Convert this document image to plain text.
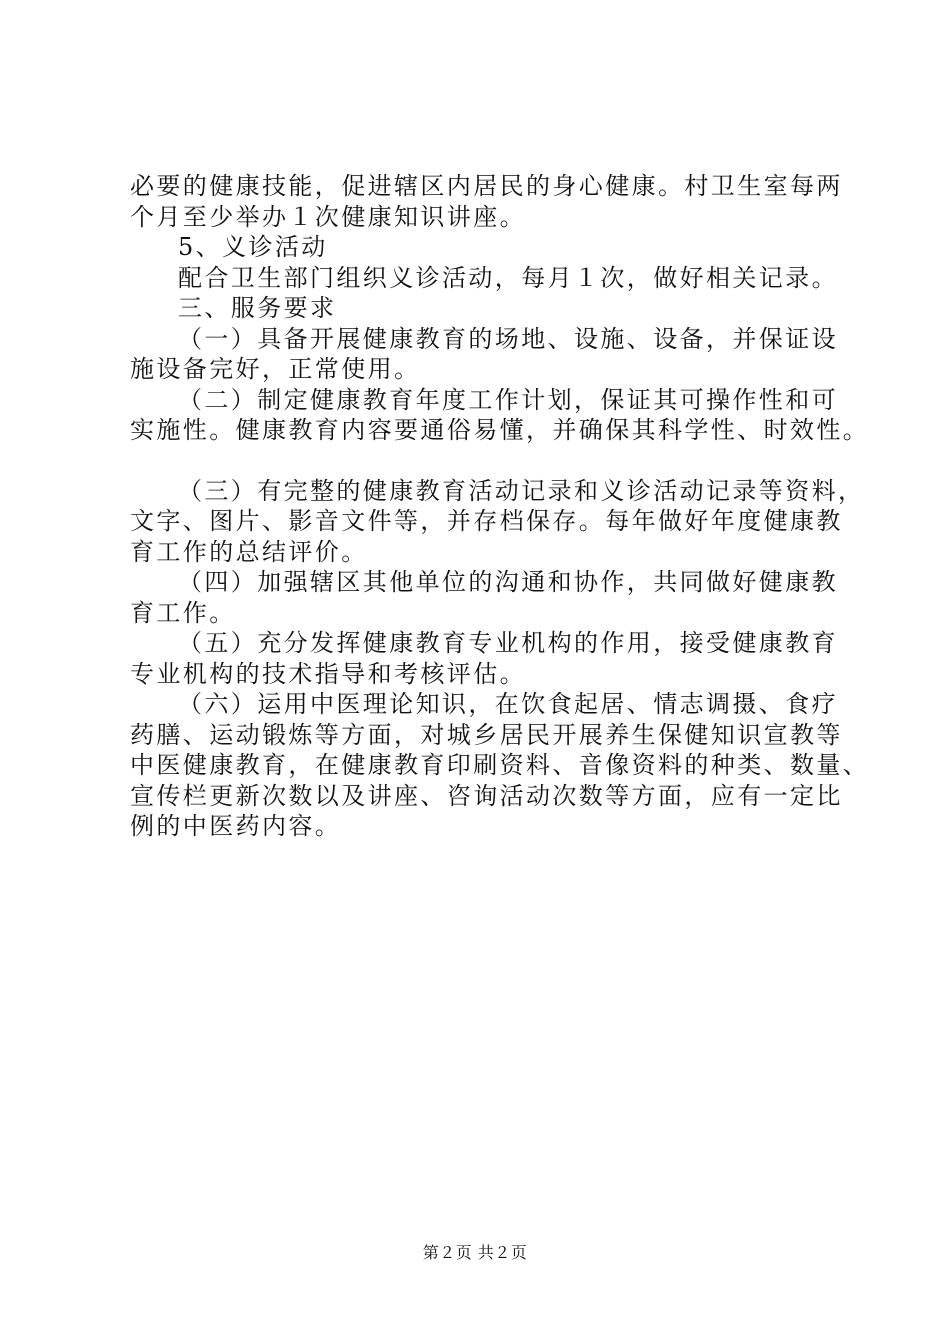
必要的健康技能，促进辖区内居民的身心健康。村卫生室每两
个月至少举办１次健康知识讲座。
5、义诊活动
配合卫生部门组织义诊活动，每月１次，做好相关记录。
三、服务要求
（一）具备开展健康教育的场地、设施、设备，并保证设
施设备完好，正常使用。
（二）制定健康教育年度工作计划，保证其可操作性和可
实施性。健康教育内容要通俗易懂，并确保其科学性、时效性。
（三）有完整的健康教育活动记录和义诊活动记录等资料，
文字、图片、影音文件等，并存档保存。每年做好年度健康教
育工作的总结评价。
（四）加强辖区其他单位的沟通和协作，共同做好健康教
育工作。
（五）充分发挥健康教育专业机构的作用，接受健康教育
专业机构的技术指导和考核评估。
（六）运用中医理论知识，在饮食起居、情志调摄、食疗
药膳、运动锻炼等方面，对城乡居民开展养生保健知识宣教等
中医健康教育，在健康教育印刷资料、音像资料的种类、数量、
宣传栏更新次数以及讲座、咨询活动次数等方面，应有一定比
例的中医药内容。
第２页 共２页
